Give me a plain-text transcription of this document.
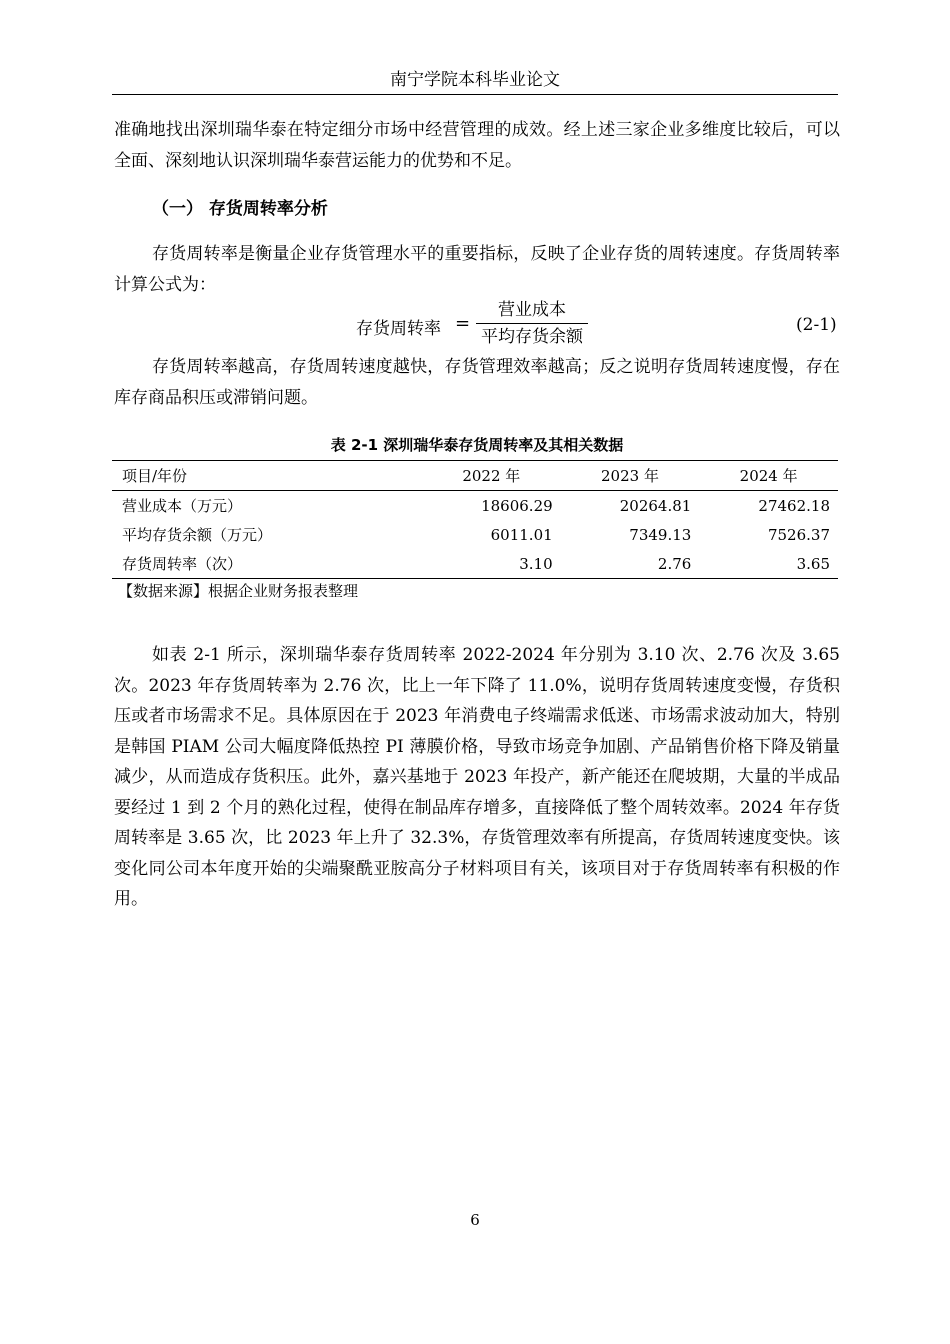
南宁学院本科毕业论文

准确地找出深圳瑞华泰在特定细分市场中经营管理的成效。经上述三家企业多维度比较后，可以全面、深刻地认识深圳瑞华泰营运能力的优势和不足。

（一） 存货周转率分析

存货周转率是衡量企业存货管理水平的重要指标，反映了企业存货的周转速度。存货周转率计算公式为：

存货周转率 =
营业成本
平均存货余额
(2-1)

存货周转率越高，存货周转速度越快，存货管理效率越高；反之说明存货周转速度慢，存在库存商品积压或滞销问题。

表 2-1 深圳瑞华泰存货周转率及其相关数据
项目/年份	2022 年	2023 年	2024 年
营业成本（万元）	18606.29	20264.81	27462.18
平均存货余额（万元）	6011.01	7349.13	7526.37
存货周转率（次）	3.10	2.76	3.65
【数据来源】根据企业财务报表整理

如表 2-1 所示，深圳瑞华泰存货周转率 2022-2024 年分别为 3.10 次、2.76 次及 3.65 次。2023 年存货周转率为 2.76 次，比上一年下降了 11.0%，说明存货周转速度变慢，存货积压或者市场需求不足。具体原因在于 2023 年消费电子终端需求低迷、市场需求波动加大，特别是韩国 PIAM 公司大幅度降低热控 PI 薄膜价格，导致市场竞争加剧、产品销售价格下降及销量减少，从而造成存货积压。此外，嘉兴基地于 2023 年投产，新产能还在爬坡期，大量的半成品要经过 1 到 2 个月的熟化过程，使得在制品库存增多，直接降低了整个周转效率。2024 年存货周转率是 3.65 次，比 2023 年上升了 32.3%，存货管理效率有所提高，存货周转速度变快。该变化同公司本年度开始的尖端聚酰亚胺高分子材料项目有关，该项目对于存货周转率有积极的作用。

6
